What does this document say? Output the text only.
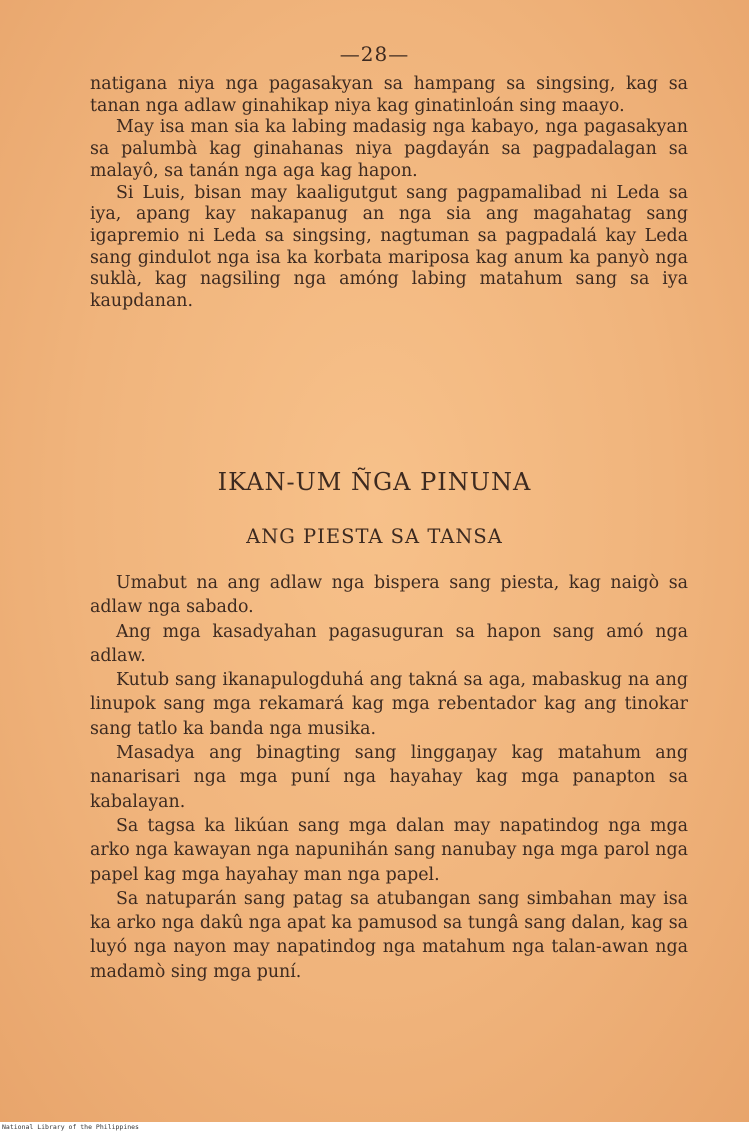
—28—

natigana niya nga pagasakyan sa hampang sa singsing, kag sa tanan nga adlaw ginahikap niya kag ginatinloán sing maayo.

May isa man sia ka labing madasig nga kabayo, nga pagasakyan sa palumbà kag ginahanas niya pagdayán sa pagpadalagan sa malayô, sa tanán nga aga kag hapon.

Si Luis, bisan may kaaligutgut sang pagpamalibad ni Leda sa iya, apang kay nakapanug an nga sia ang magahatag sang igapremio ni Leda sa singsing, nagtuman sa pagpadalá kay Leda sang gindulot nga isa ka korbata mariposa kag anum ka panyò nga suklà, kag nagsiling nga amóng labing matahum sang sa iya kaupdanan.

IKAN-UM ÑGA PINUNA
ANG PIESTA SA TANSA

Umabut na ang adlaw nga bispera sang piesta, kag naigò sa adlaw nga sabado.

Ang mga kasadyahan pagasuguran sa hapon sang amó nga adlaw.

Kutub sang ikanapulogduhá ang takná sa aga, mabaskug na ang linupok sang mga rekamará kag mga rebentador kag ang tinokar sang tatlo ka banda nga musika.

Masadya ang binagting sang linggaŋay kag matahum ang nanarisari nga mga puní nga hayahay kag mga panapton sa kabalayan.

Sa tagsa ka likúan sang mga dalan may napatindog nga mga arko nga kawayan nga napunihán sang nanubay nga mga parol nga papel kag mga hayahay man nga papel.

Sa natuparán sang patag sa atubangan sang simbahan may isa ka arko nga dakû nga apat ka pamusod sa tungâ sang dalan, kag sa luyó nga nayon may napatindog nga matahum nga talan-awan nga madamò sing mga puní.

National Library of the Philippines
